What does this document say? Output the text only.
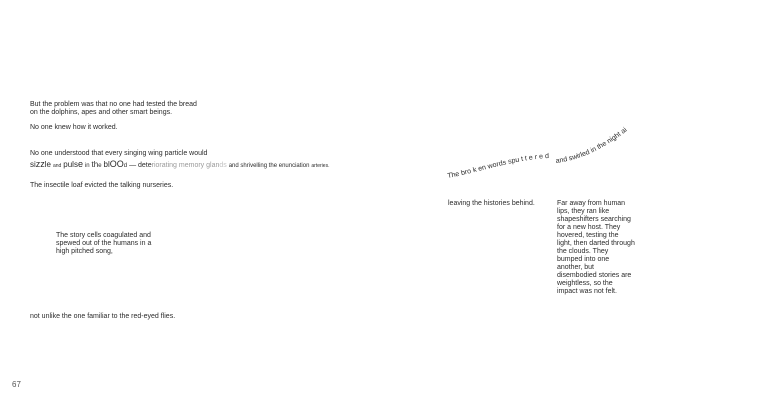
But the problem was that no one had tested the bread
on the dolphins, apes and other smart beings.
No one knew how it worked.
No one understood that every singing wing particle would
sizzle and pulse in the blOOd — deteriorating memory glands and shrivelling the enunciation arteries.
The insectile loaf evicted the talking nurseries.
The story cells coagulated and spewed out of the humans in a high pitched song,
not unlike the one familiar to the red-eyed flies.
67
The bro k en words spu t t e r e d
and swirled in the night air.
leaving the histories behind.	Far away from human lips, they ran like shapeshifters searching for a new host. They hovered, testing the light, then darted through the clouds. They bumped into one another, but disembodied stories are weightless, so the impact was not felt.
